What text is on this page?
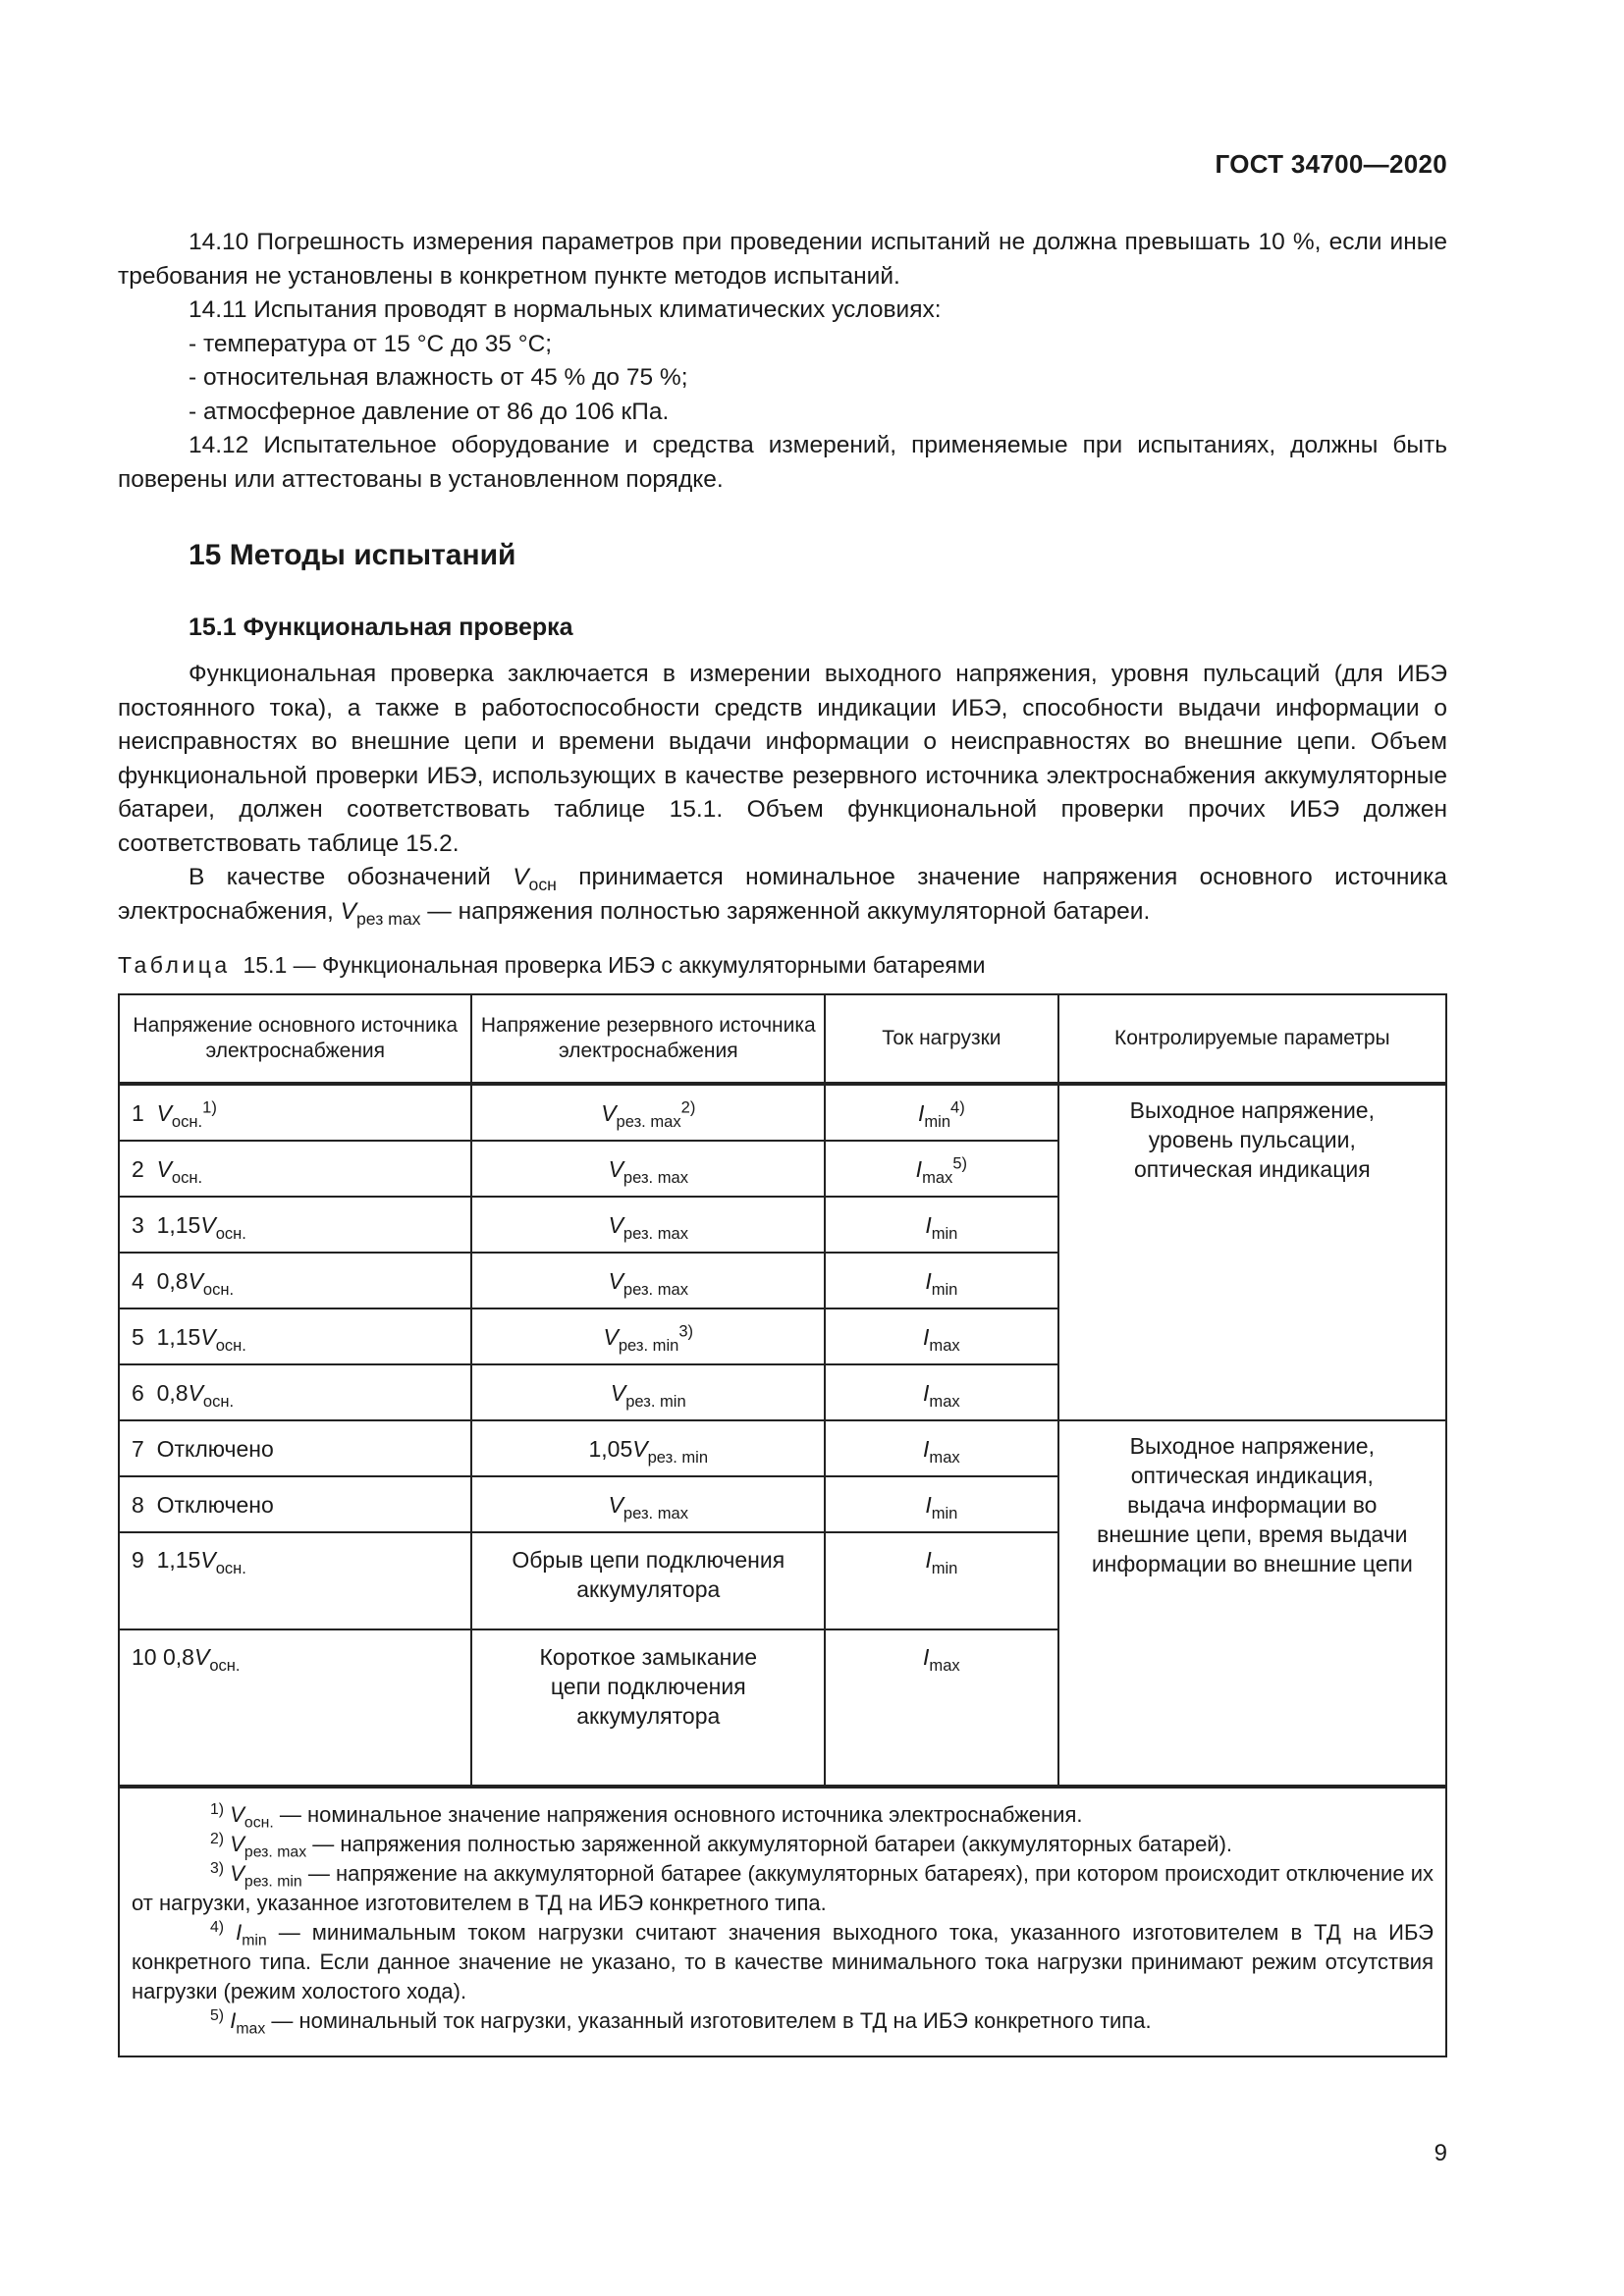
ГОСТ 34700—2020

14.10 Погрешность измерения параметров при проведении испытаний не должна превышать 10 %, если иные требования не установлены в конкретном пункте методов испытаний.

14.11 Испытания проводят в нормальных климатических условиях:

- температура от 15 °С до 35 °С;

- относительная влажность от 45 % до 75 %;

- атмосферное давление от 86 до 106 кПа.

14.12 Испытательное оборудование и средства измерений, применяемые при испытаниях, должны быть поверены или аттестованы в установленном порядке.

15 Методы испытаний
15.1 Функциональная проверка

Функциональная проверка заключается в измерении выходного напряжения, уровня пульсаций (для ИБЭ постоянного тока), а также в работоспособности средств индикации ИБЭ, способности выдачи информации о неисправностях во внешние цепи и времени выдачи информации о неисправностях во внешние цепи. Объем функциональной проверки ИБЭ, использующих в качестве резервного источника электроснабжения аккумуляторные батареи, должен соответствовать таблице 15.1. Объем функциональной проверки прочих ИБЭ должен соответствовать таблице 15.2.

В качестве обозначений $V_{осн}$ принимается номинальное значение напряжения основного источника электроснабжения, $V_{рез max}$ — напряжения полностью заряженной аккумуляторной батареи.

Таблица 15.1 — Функциональная проверка ИБЭ с аккумуляторными батареями
Напряжение основного источника электроснабжения	Напряжение резервного источника электроснабжения	Ток нагрузки	Контролируемые параметры
1 $V_{осн.}^{1)}$	$V_{рез. max}^{2)}$	$I_{min}^{4)}$	Выходное напряжение,
уровень пульсации,
оптическая индикация

2 $V_{осн.}$	$V_{рез. max}$	$I_{max}^{5)}$
3 $1,15V_{осн.}$	$V_{рез. max}$	$I_{min}$
4 $0,8V_{осн.}$	$V_{рез. max}$	$I_{min}$
5 $1,15V_{осн.}$	$V_{рез. min}^{3)}$	$I_{max}$
6 $0,8V_{осн.}$	$V_{рез. min}$	$I_{max}$
7 Отключено	$1,05V_{рез. min}$	$I_{max}$	Выходное напряжение,
оптическая индикация,
выдача информации во
внешние цепи, время выдачи
информации во внешние цепи

8 Отключено	$V_{рез. max}$	$I_{min}$
9 $1,15V_{осн.}$	Обрыв цепи подключения аккумулятора	$I_{min}$
10 $0,8V_{осн.}$	Короткое замыкание цепи подключения аккумулятора	$I_{max}$

$^{1)}$ $V_{осн.}$ — номинальное значение напряжения основного источника электроснабжения.

$^{2)}$ $V_{рез. max}$ — напряжения полностью заряженной аккумуляторной батареи (аккумуляторных батарей).

$^{3)}$ $V_{рез. min}$ — напряжение на аккумуляторной батарее (аккумуляторных батареях), при котором происходит отключение их от нагрузки, указанное изготовителем в ТД на ИБЭ конкретного типа.

$^{4)}$ $I_{min}$ — минимальным током нагрузки считают значения выходного тока, указанного изготовителем в ТД на ИБЭ конкретного типа. Если данное значение не указано, то в качестве минимального тока нагрузки принимают режим отсутствия нагрузки (режим холостого хода).

$^{5)}$ $I_{max}$ — номинальный ток нагрузки, указанный изготовителем в ТД на ИБЭ конкретного типа.			

9
